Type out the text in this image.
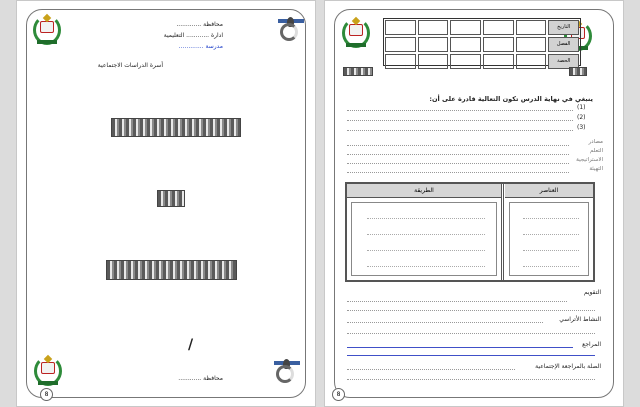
محافظة .............
ادارة ............ التعليمية
مدرسة .............
أسرة الدراسات الاجتماعية
/
محافظة ............
8
التاريخ
الفصل
الحصة
ينبغي في نهاية الدرس تكون التعالية قادرة على أن:
(1)
(2)
(3)
مصادر
التعلم
الاستراتيجية
التهيئة
الطريقة	العناصر
التقويم
النشاط الأتراسي
المراجع
الصلة بالمراجعة الإجتماعية
8
